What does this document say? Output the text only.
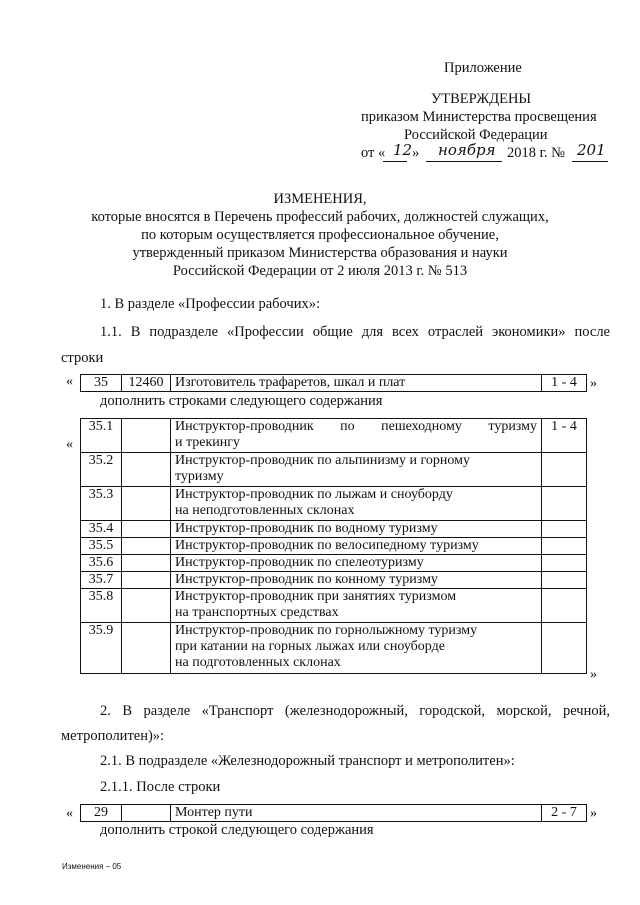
Приложение
УТВЕРЖДЕНЫ
приказом Министерства просвещения
Российской Федерации
от « 12 » ноября 2018 г. № 201
ИЗМЕНЕНИЯ,
которые вносятся в Перечень профессий рабочих, должностей служащих,
по которым осуществляется профессиональное обучение,
утвержденный приказом Министерства образования и науки
Российской Федерации от 2 июля 2013 г. № 513
1. В разделе «Профессии рабочих»:
1.1. В подразделе «Профессии общие для всех отраслей экономики» после
строки
« 35	12460	Изготовитель трафаретов, шкал и плат	1 - 4 »
дополнить строками следующего содержания
«
35.1		Инструктор-проводник по пешеходному туризму
и трекингу	1 - 4
35.2		Инструктор-проводник по альпинизму и горному
туризму	

35.3		Инструктор-проводник по лыжам и сноуборду
на неподготовленных склонах	

35.4		Инструктор-проводник по водному туризму	
35.5		Инструктор-проводник по велосипедному туризму	
35.6		Инструктор-проводник по спелеотуризму	
35.7		Инструктор-проводник по конному туризму	
35.8		Инструктор-проводник при занятиях туризмом
на транспортных средствах	

35.9		Инструктор-проводник по горнолыжному туризму
при катании на горных лыжах или сноуборде
на подготовленных склонах	

»
2. В разделе «Транспорт (железнодорожный, городской, морской, речной,
метрополитен)»:
2.1. В подразделе «Железнодорожный транспорт и метрополитен»:
2.1.1. После строки
« 29		Монтер пути	2 - 7 »
дополнить строкой следующего содержания
Изменения – 05
